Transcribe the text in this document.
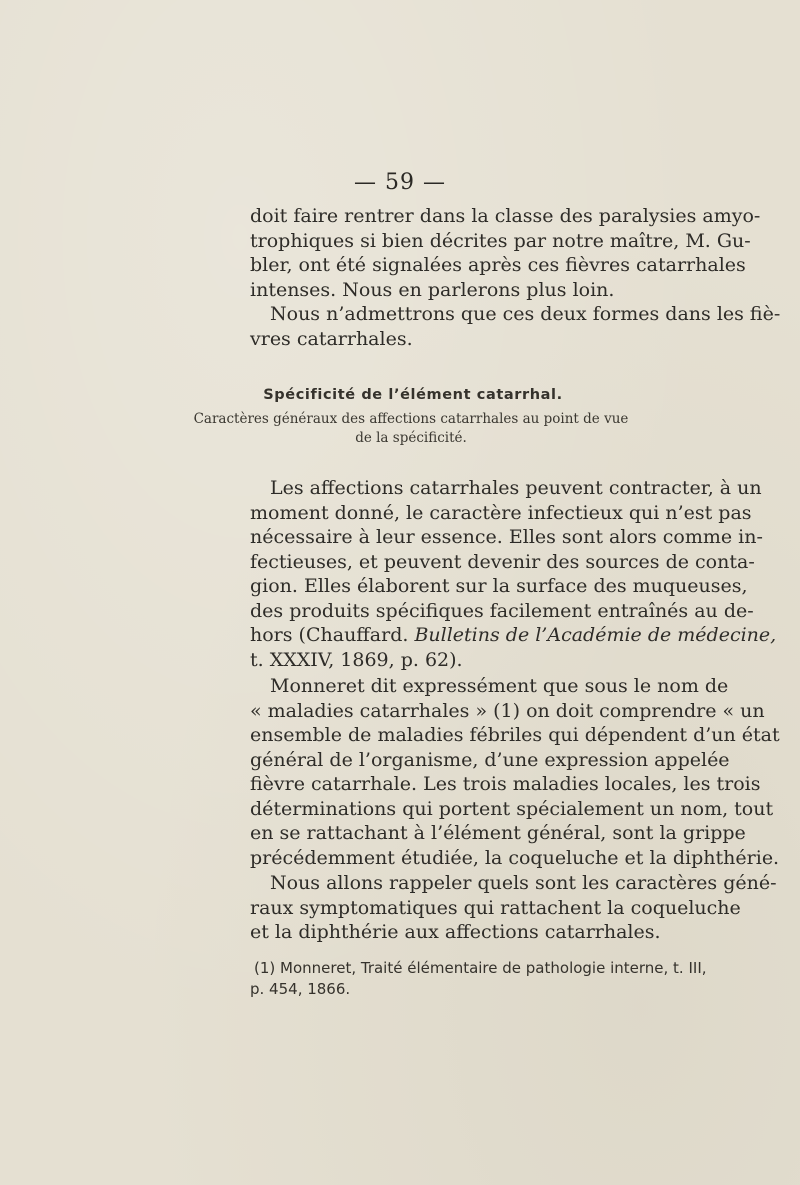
— 59 —
doit faire rentrer dans la classe des paralysies amyo-
trophiques si bien décrites par notre maître, M. Gu-
bler, ont été signalées après ces fièvres catarrhales
intenses. Nous en parlerons plus loin.
Nous n’admettrons que ces deux formes dans les fiè-
vres catarrhales.
Spécificité de l’élément catarrhal.
Caractères généraux des affections catarrhales au point de vue
de la spécificité.
Les affections catarrhales peuvent contracter, à un
moment donné, le caractère infectieux qui n’est pas
nécessaire à leur essence. Elles sont alors comme in-
fectieuses, et peuvent devenir des sources de conta-
gion. Elles élaborent sur la surface des muqueuses,
des produits spécifiques facilement entraînés au de-
hors (Chauffard. Bulletins de l’Académie de médecine,
t. XXXIV, 1869, p. 62).
Monneret dit expressément que sous le nom de
« maladies catarrhales » (1) on doit comprendre « un
ensemble de maladies fébriles qui dépendent d’un état
général de l’organisme, d’une expression appelée
fièvre catarrhale. Les trois maladies locales, les trois
déterminations qui portent spécialement un nom, tout
en se rattachant à l’élément général, sont la grippe
précédemment étudiée, la coqueluche et la diphthérie.
Nous allons rappeler quels sont les caractères géné-
raux symptomatiques qui rattachent la coqueluche
et la diphthérie aux affections catarrhales.
(1) Monneret, Traité élémentaire de pathologie interne, t. III,
p. 454, 1866.
